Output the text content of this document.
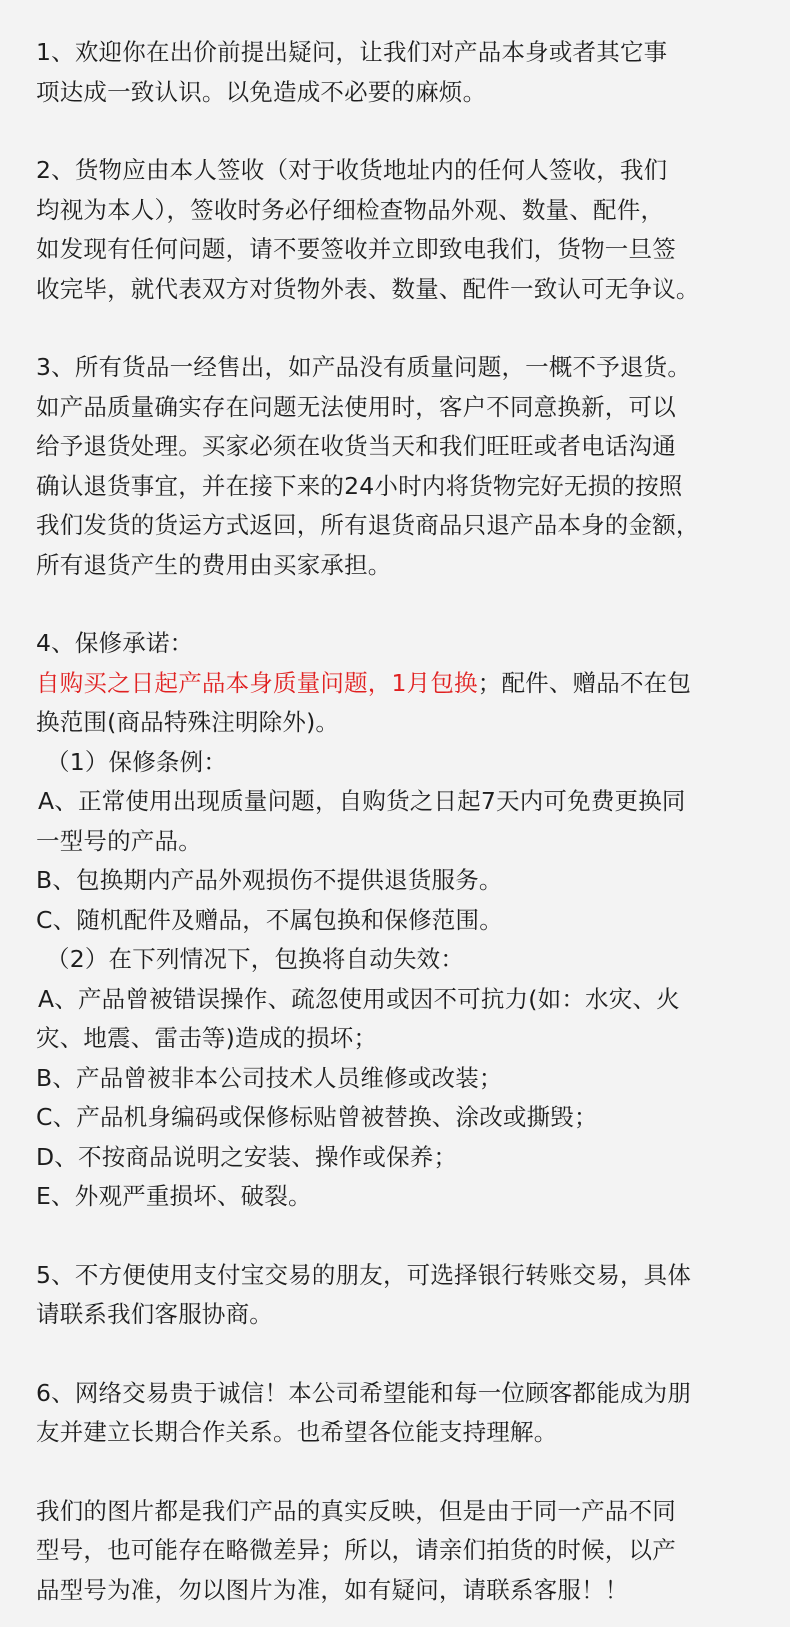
1、欢迎你在出价前提出疑问，让我们对产品本身或者其它事
项达成一致认识。以免造成不必要的麻烦。
2、货物应由本人签收（对于收货地址内的任何人签收，我们
均视为本人），签收时务必仔细检查物品外观、数量、配件，
如发现有任何问题，请不要签收并立即致电我们，货物一旦签
收完毕，就代表双方对货物外表、数量、配件一致认可无争议。
3、所有货品一经售出，如产品没有质量问题，一概不予退货。
如产品质量确实存在问题无法使用时，客户不同意换新，可以
给予退货处理。买家必须在收货当天和我们旺旺或者电话沟通
确认退货事宜，并在接下来的24小时内将货物完好无损的按照
我们发货的货运方式返回，所有退货商品只退产品本身的金额，
所有退货产生的费用由买家承担。
4、保修承诺：
自购买之日起产品本身质量问题，1月包换；配件、赠品不在包
换范围(商品特殊注明除外)。
（1）保修条例：
A、正常使用出现质量问题，自购货之日起7天内可免费更换同
一型号的产品。
B、包换期内产品外观损伤不提供退货服务。
C、随机配件及赠品，不属包换和保修范围。
（2）在下列情况下，包换将自动失效：
A、产品曾被错误操作、疏忽使用或因不可抗力(如：水灾、火
灾、地震、雷击等)造成的损坏；
B、产品曾被非本公司技术人员维修或改装；
C、产品机身编码或保修标贴曾被替换、涂改或撕毁；
D、不按商品说明之安装、操作或保养；
E、外观严重损坏、破裂。
5、不方便使用支付宝交易的朋友，可选择银行转账交易，具体
请联系我们客服协商。
6、网络交易贵于诚信！本公司希望能和每一位顾客都能成为朋
友并建立长期合作关系。也希望各位能支持理解。
我们的图片都是我们产品的真实反映，但是由于同一产品不同
型号，也可能存在略微差异；所以，请亲们拍货的时候，以产
品型号为准，勿以图片为准，如有疑问，请联系客服！！
